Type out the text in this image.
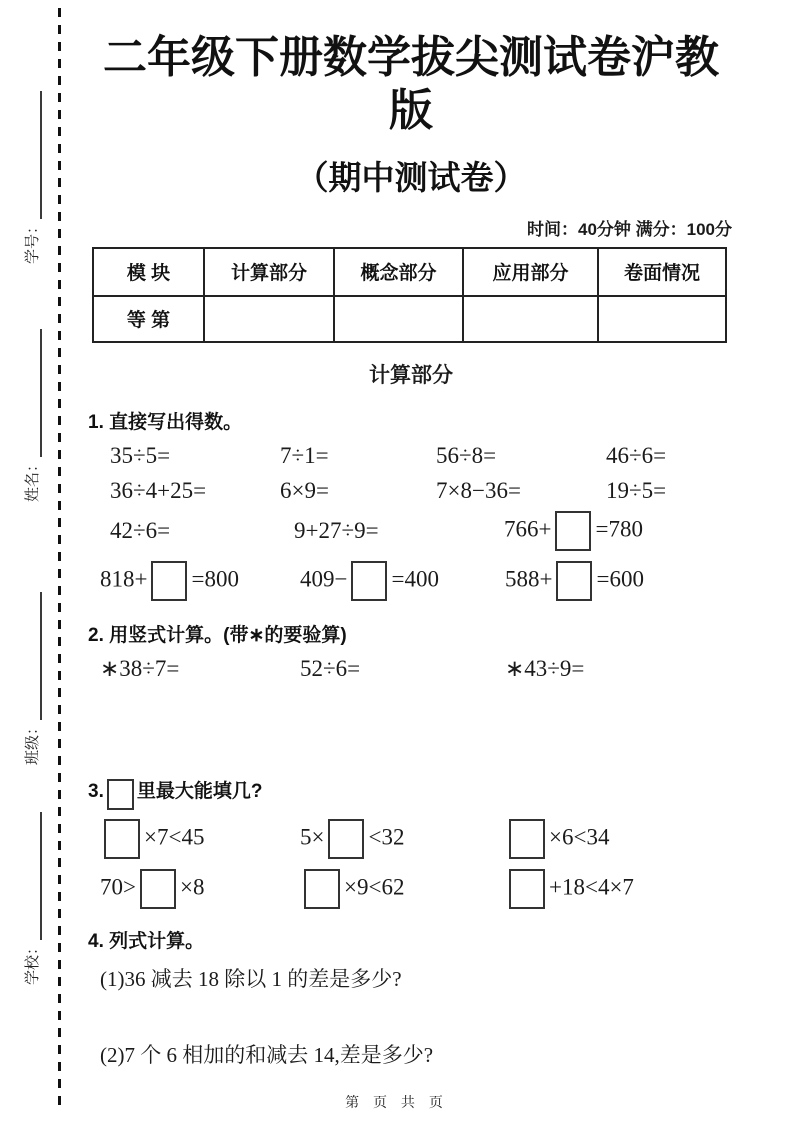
学号：
姓名：
班级：
学校：
二年级下册数学拔尖测试卷沪教版
（期中测试卷）
时间：40分钟 满分：100分
模 块	计算部分	概念部分	应用部分	卷面情况
等 第				
计算部分
1. 直接写出得数。
35÷5=	7÷1=	56÷8=	46÷6=
36÷4+25=	6×9=	7×8−36=	19÷5=
42÷6=	9+27÷9=	766+ =780
818+ =800	409− =400	588+ =600
2. 用竖式计算。(带∗的要验算)
∗38÷7=	52÷6=	∗43÷9=
3. 里最大能填几?
×7<45	5× <32	×6<34
70> ×8	×9<62	+18<4×7
4. 列式计算。
(1)36 减去 18 除以 1 的差是多少?
(2)7 个 6 相加的和减去 14,差是多少?
第 页 共 页
